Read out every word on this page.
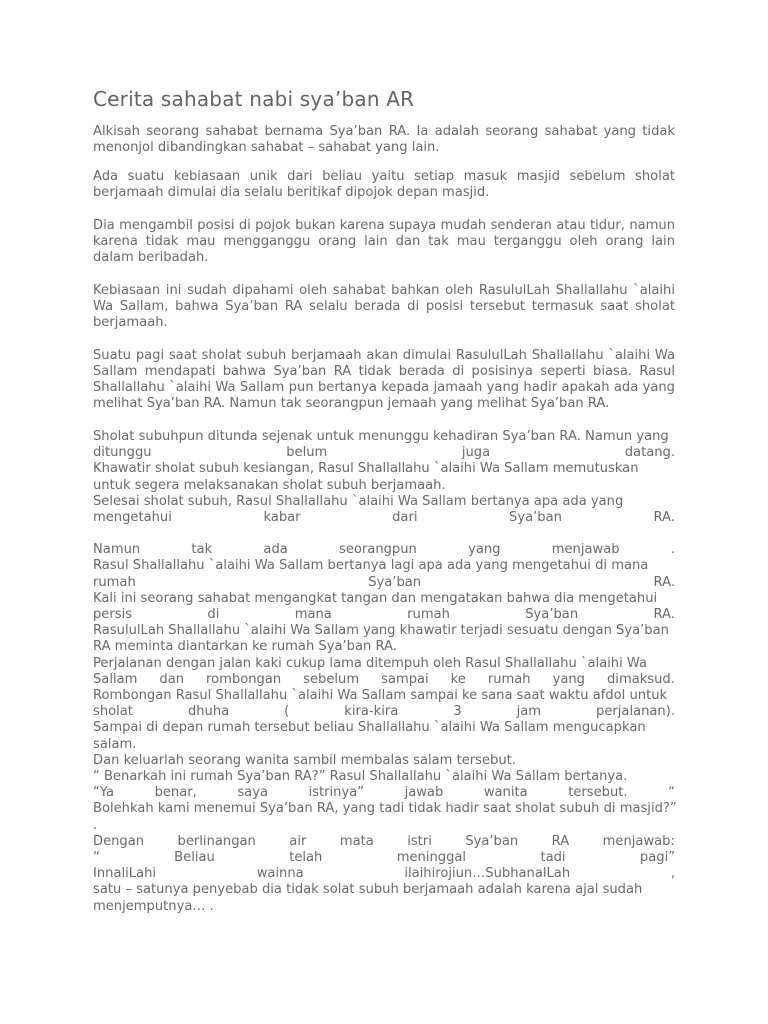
Cerita sahabat nabi sya’ban AR

Alkisah seorang sahabat bernama Sya’ban RA. Ia adalah seorang sahabat yang tidak menonjol dibandingkan sahabat – sahabat yang lain.

Ada suatu kebiasaan unik dari beliau yaitu setiap masuk masjid sebelum sholat berjamaah dimulai dia selalu beritikaf dipojok depan masjid.

Dia mengambil posisi di pojok bukan karena supaya mudah senderan atau tidur, namun karena tidak mau mengganggu orang lain dan tak mau terganggu oleh orang lain dalam beribadah.

Kebiasaan ini sudah dipahami oleh sahabat bahkan oleh RasululLah Shallallahu `alaihi Wa Sallam, bahwa Sya’ban RA selalu berada di posisi tersebut termasuk saat sholat berjamaah.

Suatu pagi saat sholat subuh berjamaah akan dimulai RasululLah Shallallahu `alaihi Wa Sallam mendapati bahwa Sya’ban RA tidak berada di posisinya seperti biasa. Rasul Shallallahu `alaihi Wa Sallam pun bertanya kepada jamaah yang hadir apakah ada yang melihat Sya’ban RA. Namun tak seorangpun jemaah yang melihat Sya’ban RA.

Sholat subuhpun ditunda sejenak untuk menunggu kehadiran Sya’ban RA. Namun yang
ditunggu	belum	juga	datang.
Khawatir sholat subuh kesiangan, Rasul Shallallahu `alaihi Wa Sallam memutuskan
untuk segera melaksanakan sholat subuh berjamaah.
Selesai sholat subuh, Rasul Shallallahu `alaihi Wa Sallam bertanya apa ada yang
mengetahui	kabar	dari	Sya’ban	RA.
Namun	tak	ada	seorangpun	yang	menjawab	.
Rasul Shallallahu `alaihi Wa Sallam bertanya lagi apa ada yang mengetahui di mana
rumah	Sya’ban	RA.
Kali ini seorang sahabat mengangkat tangan dan mengatakan bahwa dia mengetahui
persis	di	mana	rumah	Sya’ban	RA.
RasululLah Shallallahu `alaihi Wa Sallam yang khawatir terjadi sesuatu dengan Sya’ban
RA meminta diantarkan ke rumah Sya’ban RA.
Perjalanan dengan jalan kaki cukup lama ditempuh oleh Rasul Shallallahu `alaihi Wa
Sallam dan rombongan sebelum sampai ke rumah yang dimaksud.
Rombongan Rasul Shallallahu `alaihi Wa Sallam sampai ke sana saat waktu afdol untuk
sholat	dhuha	(	kira-kira	3	jam	perjalanan).
Sampai di depan rumah tersebut beliau Shallallahu `alaihi Wa Sallam mengucapkan
salam.
Dan keluarlah seorang wanita sambil membalas salam tersebut.
“ Benarkah ini rumah Sya’ban RA?” Rasul Shallallahu `alaihi Wa Sallam bertanya.
“Ya	benar,	saya	istrinya”	jawab	wanita	tersebut.	“
Bolehkah kami menemui Sya’ban RA, yang tadi tidak hadir saat sholat subuh di masjid?”
.
Dengan	berlinangan	air	mata	istri	Sya’ban	RA	menjawab:
“	Beliau	telah	meninggal	tadi	pagi”
InnaliLahi	wainna	ilaihirojiun…SubhanalLah	,
satu – satunya penyebab dia tidak solat subuh berjamaah adalah karena ajal sudah
menjemputnya… .
